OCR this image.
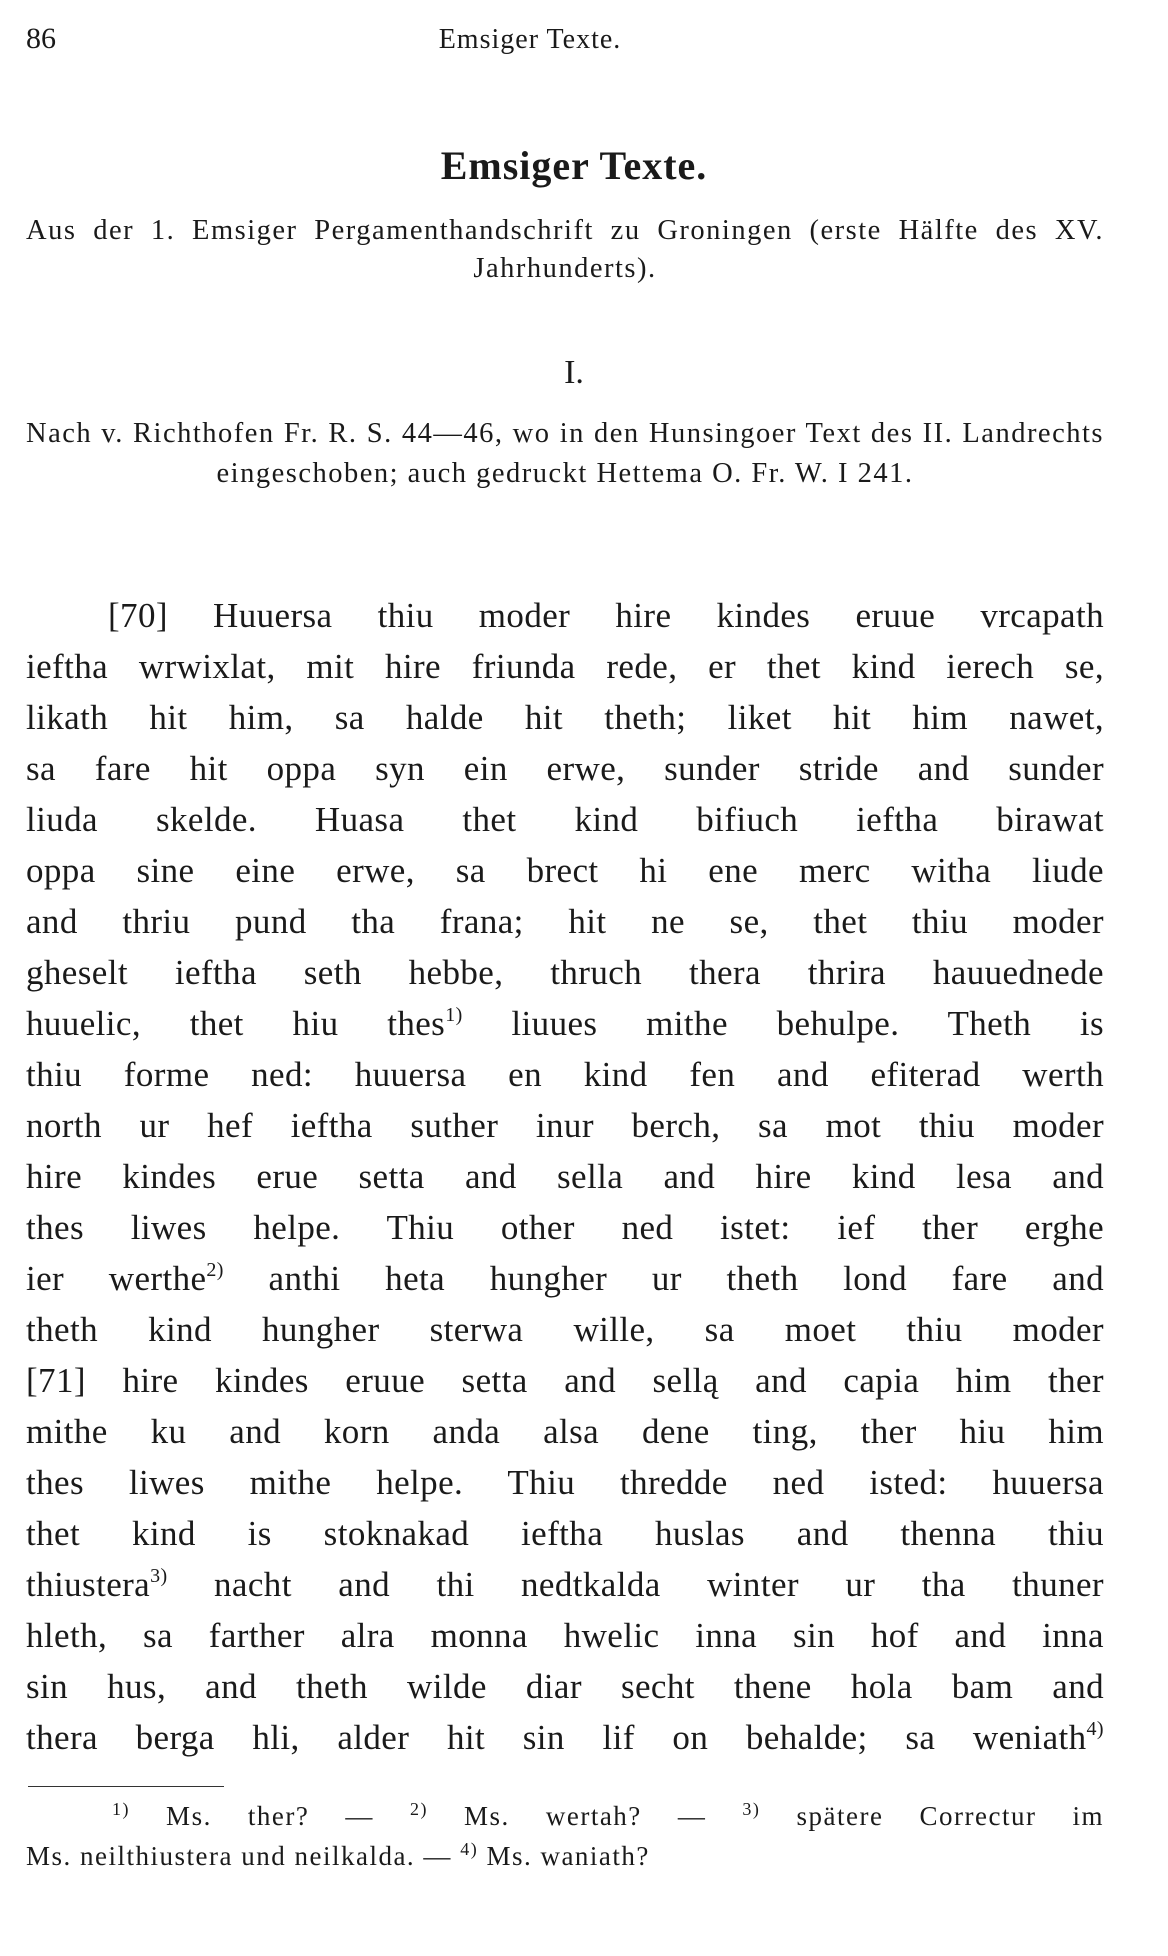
86	Emsiger Texte.
Emsiger Texte.
Aus der 1. Emsiger Pergamenthandschrift zu Groningen (erste Hälfte des XV. Jahrhunderts).
I.
Nach v. Richthofen Fr. R. S. 44—46, wo in den Hunsingoer Text des II. Landrechts eingeschoben; auch gedruckt Hettema O. Fr. W. I 241.
[70] Huuersa thiu moder hire kindes eruue vrcapath
ieftha wrwixlat, mit hire friunda rede, er thet kind ierech se,
likath hit him, sa halde hit theth; liket hit him nawet,
sa fare hit oppa syn ein erwe, sunder stride and sunder
liuda skelde. Huasa thet kind bifiuch ieftha birawat
oppa sine eine erwe, sa brect hi ene merc witha liude
and thriu pund tha frana; hit ne se, thet thiu moder
gheselt ieftha seth hebbe, thruch thera thrira hauuednede
huuelic, thet hiu thes$^{1)}$ liuues mithe behulpe. Theth is
thiu forme ned: huuersa en kind fen and efiterad werth
north ur hef ieftha suther inur berch, sa mot thiu moder
hire kindes erue setta and sella and hire kind lesa and
thes liwes helpe. Thiu other ned istet: ief ther erghe
ier werthe$^{2)}$ anthi heta hungher ur theth lond fare and
theth kind hungher sterwa wille, sa moet thiu moder
[71] hire kindes eruue setta and sellą and capia him ther
mithe ku and korn anda alsa dene ting, ther hiu him
thes liwes mithe helpe. Thiu thredde ned isted: huuersa
thet kind is stoknakad ieftha huslas and thenna thiu
thiustera$^{3)}$ nacht and thi nedtkalda winter ur tha thuner
hleth, sa farther alra monna hwelic inna sin hof and inna
sin hus, and theth wilde diar secht thene hola bam and
thera berga hli, alder hit sin lif on behalde; sa weniath$^{4)}$
$^{1)}$ Ms. ther? — $^{2)}$ Ms. wertah? — $^{3)}$ spätere Correctur im
Ms. neilthiustera und neilkalda. — $^{4)}$ Ms. waniath?
